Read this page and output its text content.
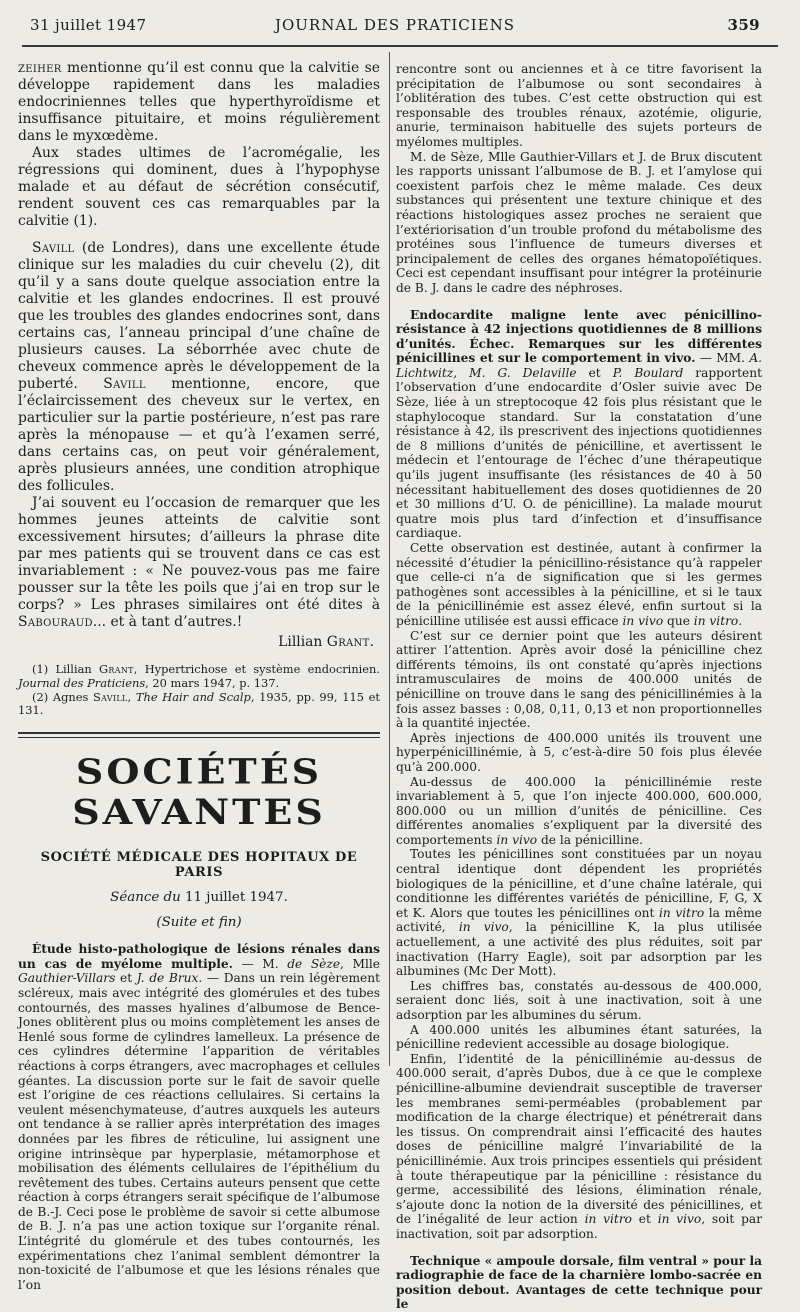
31 juillet 1947	JOURNAL DES PRATICIENS	359

zeiher mentionne qu’il est connu que la calvitie se développe rapidement dans les maladies endocriniennes telles que hyperthyroïdisme et insuffisance pituitaire, et moins régulièrement dans le myxœdème.

Aux stades ultimes de l’acromégalie, les régressions qui dominent, dues à l’hypophyse malade et au défaut de sécrétion consécutif, rendent souvent ces cas remarquables par la calvitie (1).

Savill (de Londres), dans une excellente étude clinique sur les maladies du cuir chevelu (2), dit qu’il y a sans doute quelque association entre la calvitie et les glandes endocrines. Il est prouvé que les troubles des glandes endocrines sont, dans certains cas, l’anneau principal d’une chaîne de plusieurs causes. La séborrhée avec chute de cheveux commence après le développement de la puberté. Savill mentionne, encore, que l’éclaircissement des cheveux sur le vertex, en particulier sur la partie postérieure, n’est pas rare après la ménopause — et qu’à l’examen serré, dans certains cas, on peut voir généralement, après plusieurs années, une condition atrophique des follicules.

J’ai souvent eu l’occasion de remarquer que les hommes jeunes atteints de calvitie sont excessivement hirsutes; d’ailleurs la phrase dite par mes patients qui se trouvent dans ce cas est invariablement : « Ne pouvez-vous pas me faire pousser sur la tête les poils que j’ai en trop sur le corps? » Les phrases similaires ont été dites à Sabouraud... et à tant d’autres.!

Lillian Grant.

(1) Lillian Grant, Hypertrichose et système endocrinien. Journal des Praticiens, 20 mars 1947, p. 137.

(2) Agnes Savill, The Hair and Scalp, 1935, pp. 99, 115 et 131.

SOCIÉTÉS SAVANTES
SOCIÉTÉ MÉDICALE DES HOPITAUX DE PARIS
Séance du 11 juillet 1947.
(Suite et fin)

Étude histo-pathologique de lésions rénales dans un cas de myélome multiple. — M. de Sèze, Mlle Gauthier-Villars et J. de Brux. — Dans un rein légèrement scléreux, mais avec intégrité des glomérules et des tubes contournés, des masses hyalines d’albumose de Bence-Jones oblitèrent plus ou moins complètement les anses de Henlé sous forme de cylindres lamelleux. La présence de ces cylindres détermine l’apparition de véritables réactions à corps étrangers, avec macrophages et cellules géantes. La discussion porte sur le fait de savoir quelle est l’origine de ces réactions cellulaires. Si certains la veulent mésenchymateuse, d’autres auxquels les auteurs ont tendance à se rallier après interprétation des images données par les fibres de réticuline, lui assignent une origine intrinsèque par hyperplasie, métamorphose et mobilisation des éléments cellulaires de l’épithélium du revêtement des tubes. Certains auteurs pensent que cette réaction à corps étrangers serait spécifique de l’albumose de B.-J. Ceci pose le problème de savoir si cette albumose de B. J. n’a pas une action toxique sur l’organite rénal. L’intégrité du glomérule et des tubes contournés, les expérimentations chez l’animal semblent démontrer la non-toxicité de l’albumose et que les lésions rénales que l’on

rencontre sont ou anciennes et à ce titre favorisent la précipitation de l’albumose ou sont secondaires à l’oblitération des tubes. C’est cette obstruction qui est responsable des troubles rénaux, azotémie, oligurie, anurie, terminaison habituelle des sujets porteurs de myélomes multiples.

M. de Sèze, Mlle Gauthier-Villars et J. de Brux discutent les rapports unissant l’albumose de B. J. et l’amylose qui coexistent parfois chez le même malade. Ces deux substances qui présentent une texture chinique et des réactions histologiques assez proches ne seraient que l’extériorisation d’un trouble profond du métabolisme des protéines sous l’influence de tumeurs diverses et principalement de celles des organes hématopoïétiques. Ceci est cependant insuffisant pour intégrer la protéinurie de B. J. dans le cadre des néphroses.

Endocardite maligne lente avec pénicillino-résistance à 42 injections quotidiennes de 8 millions d’unités. Échec. Remarques sur les différentes pénicillines et sur le comportement in vivo. — MM. A. Lichtwitz, M. G. Delaville et P. Boulard rapportent l’observation d’une endocardite d’Osler suivie avec De Sèze, liée à un streptocoque 42 fois plus résistant que le staphylocoque standard. Sur la constatation d’une résistance à 42, ils prescrivent des injections quotidiennes de 8 millions d’unités de pénicilline, et avertissent le médecin et l’entourage de l’échec d’une thérapeutique qu’ils jugent insuffisante (les résistances de 40 à 50 nécessitant habituellement des doses quotidiennes de 20 et 30 millions d’U. O. de pénicilline). La malade mourut quatre mois plus tard d’infection et d’insuffisance cardiaque.

Cette observation est destinée, autant à confirmer la nécessité d’étudier la pénicillino-résistance qu’à rappeler que celle-ci n’a de signification que si les germes pathogènes sont accessibles à la pénicilline, et si le taux de la pénicillinémie est assez élevé, enfin surtout si la pénicilline utilisée est aussi efficace in vivo que in vitro.

C’est sur ce dernier point que les auteurs désirent attirer l’attention. Après avoir dosé la pénicilline chez différents témoins, ils ont constaté qu’après injections intramusculaires de moins de 400.000 unités de pénicilline on trouve dans le sang des pénicillinémies à la fois assez basses : 0,08, 0,11, 0,13 et non proportionnelles à la quantité injectée.

Après injections de 400.000 unités ils trouvent une hyperpénicillinémie, à 5, c’est-à-dire 50 fois plus élevée qu’à 200.000.

Au-dessus de 400.000 la pénicillinémie reste invariablement à 5, que l’on injecte 400.000, 600.000, 800.000 ou un million d’unités de pénicilline. Ces différentes anomalies s’expliquent par la diversité des comportements in vivo de la pénicilline.

Toutes les pénicillines sont constituées par un noyau central identique dont dépendent les propriétés biologiques de la pénicilline, et d’une chaîne latérale, qui conditionne les différentes variétés de pénicilline, F, G, X et K. Alors que toutes les pénicillines ont in vitro la même activité, in vivo, la pénicilline K, la plus utilisée actuellement, a une activité des plus réduites, soit par inactivation (Harry Eagle), soit par adsorption par les albumines (Mc Der Mott).

Les chiffres bas, constatés au-dessous de 400.000, seraient donc liés, soit à une inactivation, soit à une adsorption par les albumines du sérum.

A 400.000 unités les albumines étant saturées, la pénicilline redevient accessible au dosage biologique.

Enfin, l’identité de la pénicillinémie au-dessus de 400.000 serait, d’après Dubos, due à ce que le complexe pénicilline-albumine deviendrait susceptible de traverser les membranes semi-perméables (probablement par modification de la charge électrique) et pénétrerait dans les tissus. On comprendrait ainsi l’efficacité des hautes doses de pénicilline malgré l’invariabilité de la pénicillinémie. Aux trois principes essentiels qui président à toute thérapeutique par la pénicilline : résistance du germe, accessibilité des lésions, élimination rénale, s’ajoute donc la notion de la diversité des pénicillines, et de l’inégalité de leur action in vitro et in vivo, soit par inactivation, soit par adsorption.

Technique « ampoule dorsale, film ventral » pour la radiographie de face de la charnière lombo-sacrée en position debout. Avantages de cette technique pour le
